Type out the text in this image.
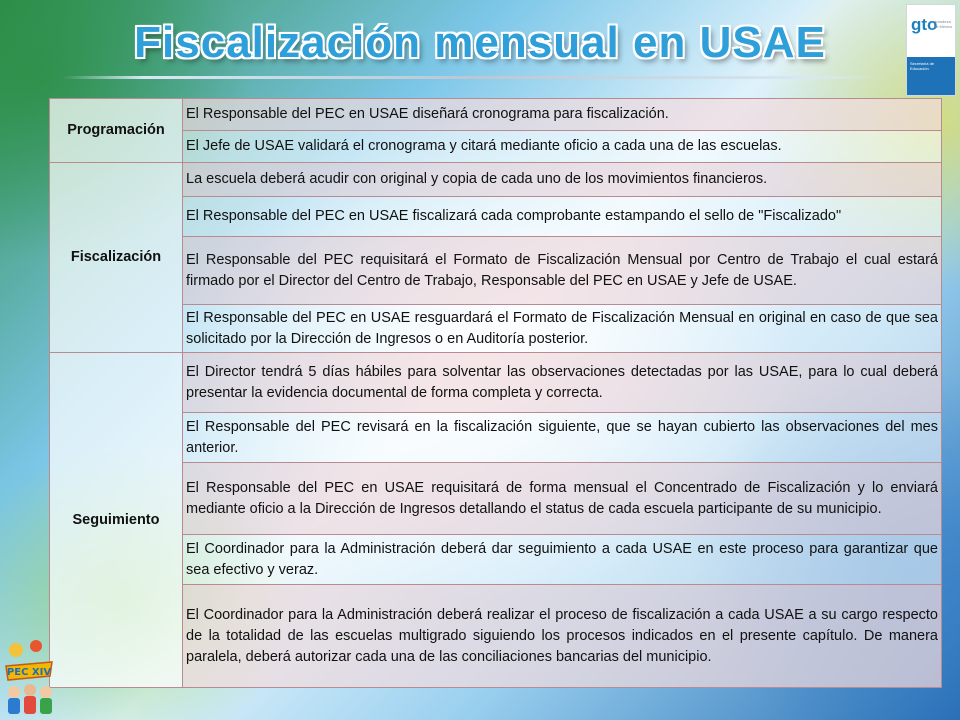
Fiscalización mensual en USAE	gto
grandeza de México
Secretaría de Educación
Programación	El Responsable del PEC en USAE diseñará cronograma para fiscalización.
	El Jefe de USAE validará el cronograma y citará mediante oficio a cada una de las escuelas.
Fiscalización	La escuela deberá acudir con original y copia de cada uno de los movimientos financieros.
	El Responsable del PEC en USAE fiscalizará cada comprobante estampando el sello de "Fiscalizado"
	El Responsable del PEC requisitará el Formato de Fiscalización Mensual por Centro de Trabajo el cual estará firmado por el Director del Centro de Trabajo, Responsable del PEC en USAE y Jefe de USAE.
	El Responsable del PEC en USAE resguardará el Formato de Fiscalización Mensual en original en caso de que sea solicitado por la Dirección de Ingresos o en Auditoría posterior.
Seguimiento	El Director tendrá 5 días hábiles para solventar las observaciones detectadas por las USAE, para lo cual deberá presentar la evidencia documental de forma completa y correcta.
	El Responsable del PEC revisará en la fiscalización siguiente, que se hayan cubierto las observaciones del mes anterior.
	El Responsable del PEC en USAE requisitará de forma mensual el Concentrado de Fiscalización y lo enviará mediante oficio a la Dirección de Ingresos detallando el status de cada escuela participante de su municipio.
	El Coordinador para la Administración deberá dar seguimiento a cada USAE en este proceso para garantizar que sea efectivo y veraz.
	El Coordinador para la Administración deberá realizar el proceso de fiscalización a cada USAE a su cargo respecto de la totalidad de las escuelas multigrado siguiendo los procesos indicados en el presente capítulo. De manera paralela, deberá autorizar cada una de las conciliaciones bancarias del municipio.
PEC XIV
